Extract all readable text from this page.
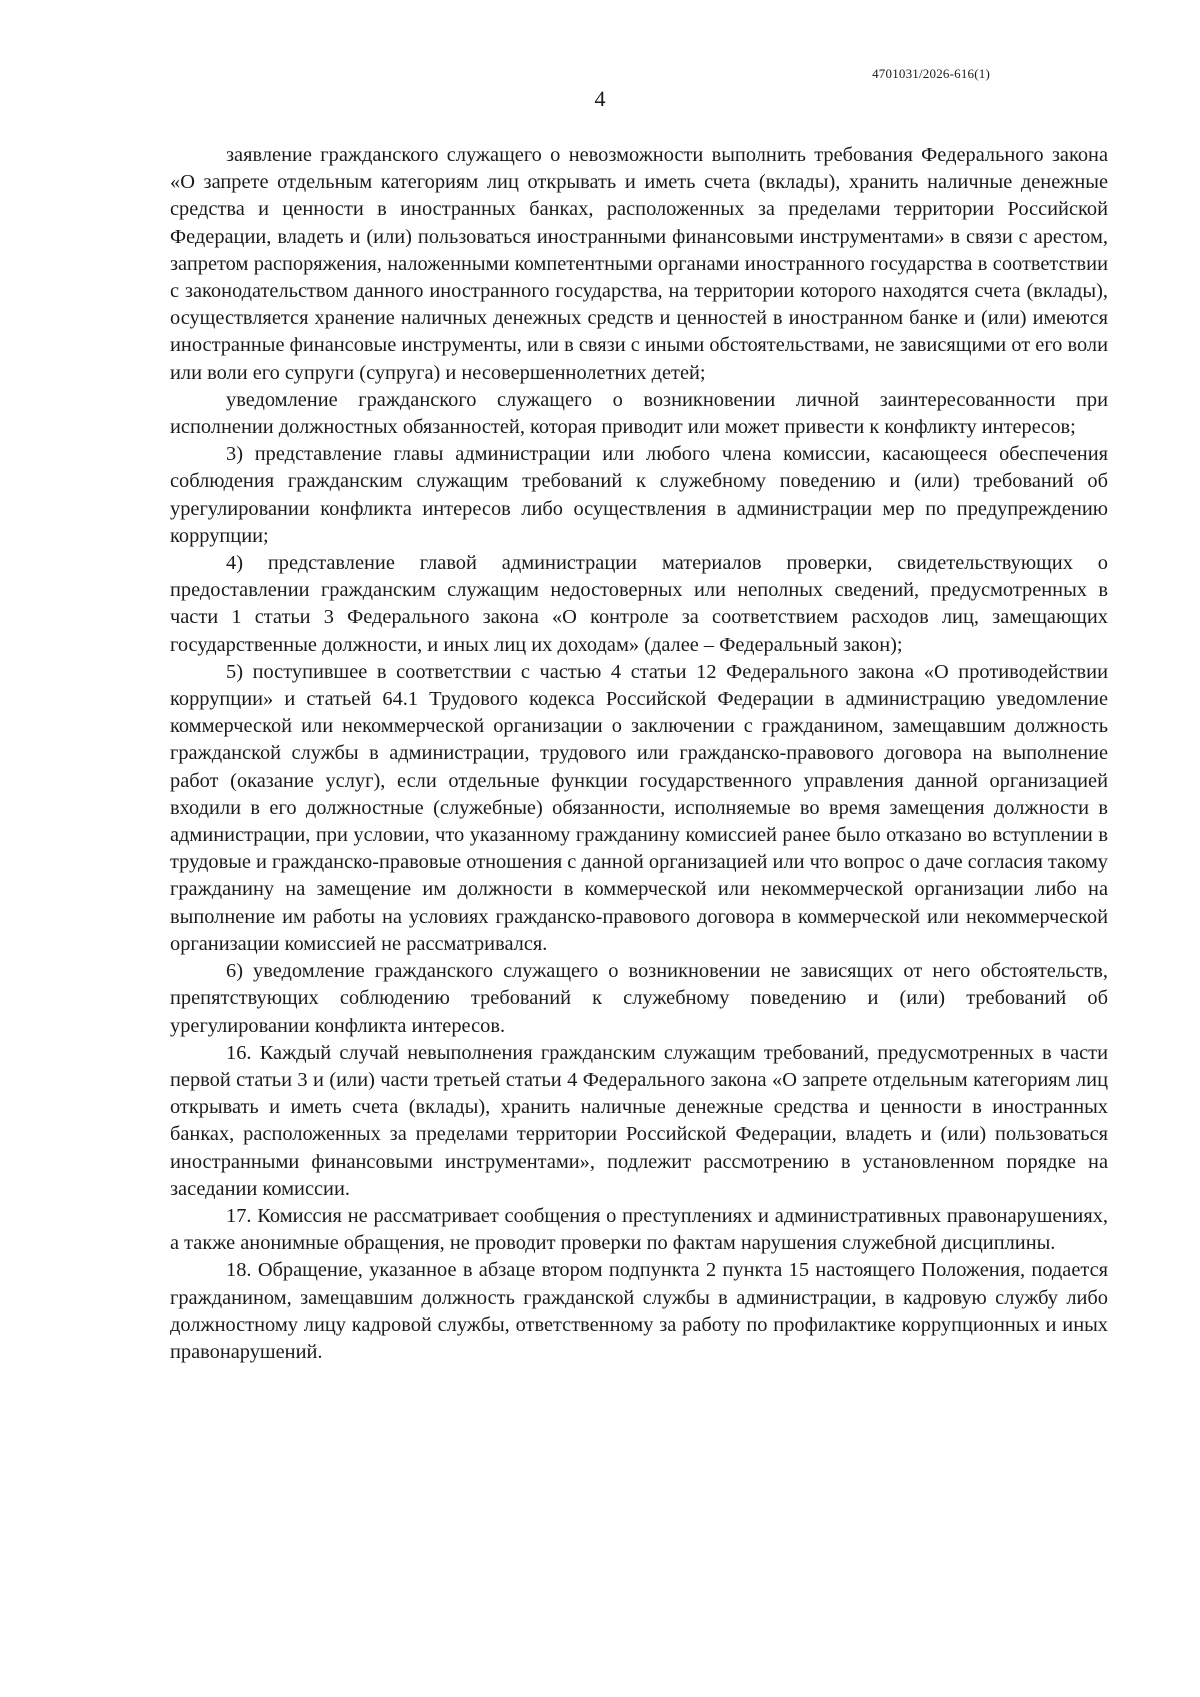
4701031/2026-616(1)
4

заявление гражданского служащего о невозможности выполнить требования Федерального закона «О запрете отдельным категориям лиц открывать и иметь счета (вклады), хранить наличные денежные средства и ценности в иностранных банках, расположенных за пределами территории Российской Федерации, владеть и (или) пользоваться иностранными финансовыми инструментами» в связи с арестом, запретом распоряжения, наложенными компетентными органами иностранного государства в соответствии с законодательством данного иностранного государства, на территории которого находятся счета (вклады), осуществляется хранение наличных денежных средств и ценностей в иностранном банке и (или) имеются иностранные финансовые инструменты, или в связи с иными обстоятельствами, не зависящими от его воли или воли его супруги (супруга) и несовершеннолетних детей;

уведомление гражданского служащего о возникновении личной заинтересованности при исполнении должностных обязанностей, которая приводит или может привести к конфликту интересов;

3) представление главы администрации или любого члена комиссии, касающееся обеспечения соблюдения гражданским служащим требований к служебному поведению и (или) требований об урегулировании конфликта интересов либо осуществления в администрации мер по предупреждению коррупции;

4) представление главой администрации материалов проверки, свидетельствующих о предоставлении гражданским служащим недостоверных или неполных сведений, предусмотренных в части 1 статьи 3 Федерального закона «О контроле за соответствием расходов лиц, замещающих государственные должности, и иных лиц их доходам» (далее – Федеральный закон);

5) поступившее в соответствии с частью 4 статьи 12 Федерального закона «О противодействии коррупции» и статьей 64.1 Трудового кодекса Российской Федерации в администрацию уведомление коммерческой или некоммерческой организации о заключении с гражданином, замещавшим должность гражданской службы в администрации, трудового или гражданско-правового договора на выполнение работ (оказание услуг), если отдельные функции государственного управления данной организацией входили в его должностные (служебные) обязанности, исполняемые во время замещения должности в администрации, при условии, что указанному гражданину комиссией ранее было отказано во вступлении в трудовые и гражданско-правовые отношения с данной организацией или что вопрос о даче согласия такому гражданину на замещение им должности в коммерческой или некоммерческой организации либо на выполнение им работы на условиях гражданско-правового договора в коммерческой или некоммерческой организации комиссией не рассматривался.

6) уведомление гражданского служащего о возникновении не зависящих от него обстоятельств, препятствующих соблюдению требований к служебному поведению и (или) требований об урегулировании конфликта интересов.

16. Каждый случай невыполнения гражданским служащим требований, предусмотренных в части первой статьи 3 и (или) части третьей статьи 4 Федерального закона «О запрете отдельным категориям лиц открывать и иметь счета (вклады), хранить наличные денежные средства и ценности в иностранных банках, расположенных за пределами территории Российской Федерации, владеть и (или) пользоваться иностранными финансовыми инструментами», подлежит рассмотрению в установленном порядке на заседании комиссии.

17. Комиссия не рассматривает сообщения о преступлениях и административных правонарушениях, а также анонимные обращения, не проводит проверки по фактам нарушения служебной дисциплины.

18. Обращение, указанное в абзаце втором подпункта 2 пункта 15 настоящего Положения, подается гражданином, замещавшим должность гражданской службы в администрации, в кадровую службу либо должностному лицу кадровой службы, ответственному за работу по профилактике коррупционных и иных правонарушений.
